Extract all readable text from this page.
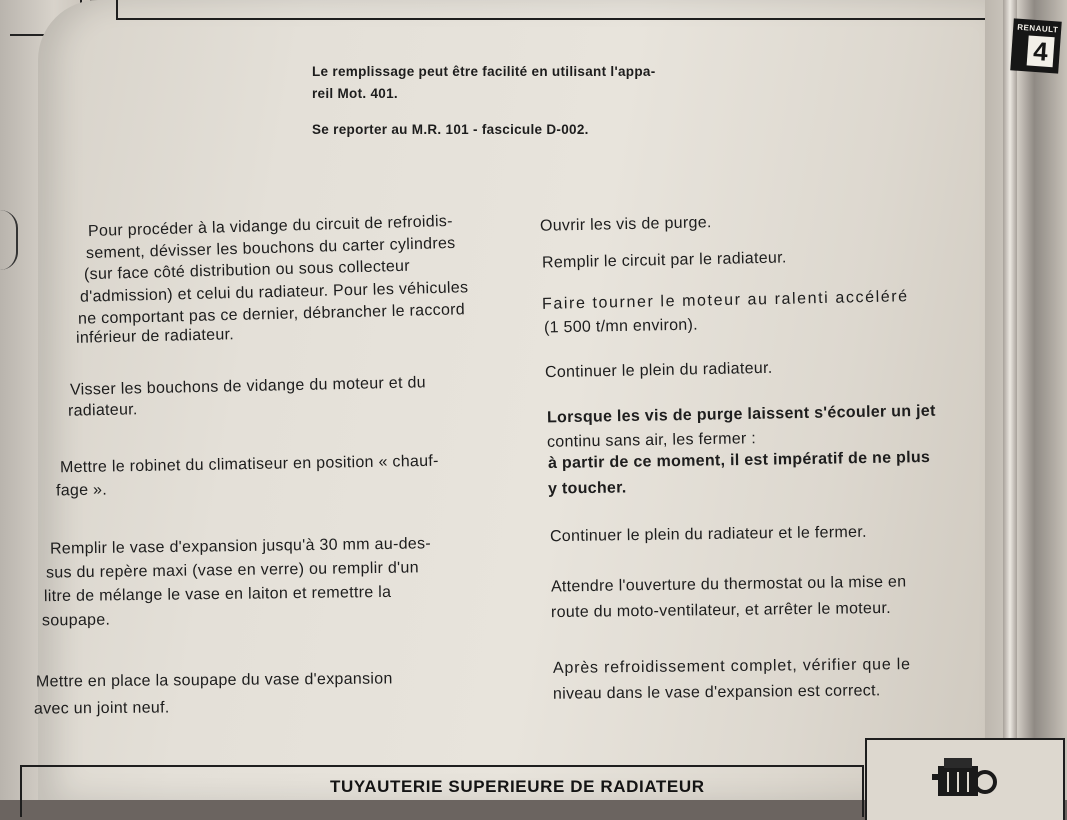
RENAULT
4
Le remplissage peut être facilité en utilisant l'appa-
reil Mot. 401.
Se reporter au M.R. 101 - fascicule D-002.
Pour procéder à la vidange du circuit de refroidis-
sement, dévisser les bouchons du carter cylindres
(sur face côté distribution ou sous collecteur
d'admission) et celui du radiateur. Pour les véhicules
ne comportant pas ce dernier, débrancher le raccord
inférieur de radiateur.
Visser les bouchons de vidange du moteur et du
radiateur.
Mettre le robinet du climatiseur en position « chauf-
fage ».
Remplir le vase d'expansion jusqu'à 30 mm au-des-
sus du repère maxi (vase en verre) ou remplir d'un
litre de mélange le vase en laiton et remettre la
soupape.
Mettre en place la soupape du vase d'expansion
avec un joint neuf.
Ouvrir les vis de purge.
Remplir le circuit par le radiateur.
Faire tourner le moteur au ralenti accéléré
(1 500 t/mn environ).
Continuer le plein du radiateur.
Lorsque les vis de purge laissent s'écouler un jet
continu sans air, les fermer :
à partir de ce moment, il est impératif de ne plus
y toucher.
Continuer le plein du radiateur et le fermer.
Attendre l'ouverture du thermostat ou la mise en
route du moto-ventilateur, et arrêter le moteur.
Après refroidissement complet, vérifier que le
niveau dans le vase d'expansion est correct.
TUYAUTERIE SUPERIEURE DE RADIATEUR
